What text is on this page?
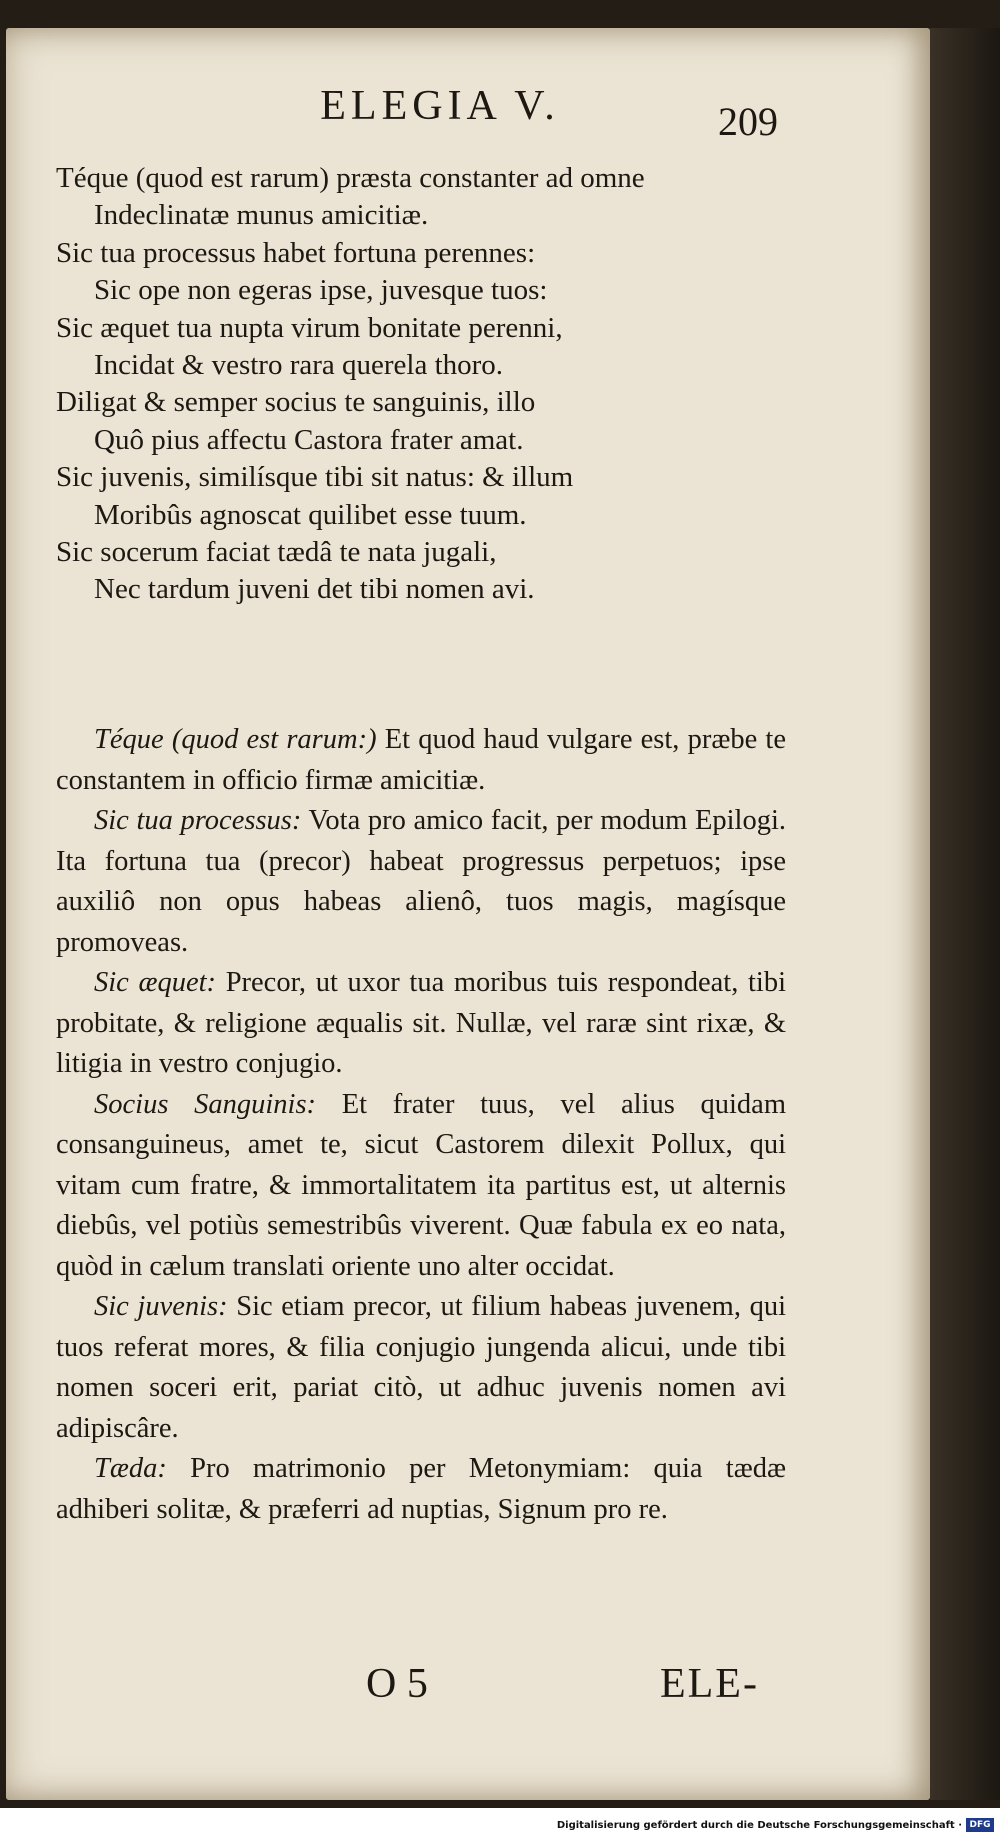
ELEGIA V.	209
Téque (quod est rarum) præsta constanter ad omne
Indeclinatæ munus amicitiæ.
Sic tua processus habet fortuna perennes:
Sic ope non egeras ipse, juvesque tuos:
Sic æquet tua nupta virum bonitate perenni,
Incidat & vestro rara querela thoro.
Diligat & semper socius te sanguinis, illo
Quô pius affectu Castora frater amat.
Sic juvenis, similísque tibi sit natus: & illum
Moribûs agnoscat quilibet esse tuum.
Sic socerum faciat tædâ te nata jugali,
Nec tardum juveni det tibi nomen avi.

Téque (quod est rarum:) Et quod haud vulgare est, præbe te constantem in officio firmæ amicitiæ.

Sic tua processus: Vota pro amico facit, per modum Epilogi. Ita fortuna tua (precor) habeat progressus perpetuos; ipse auxiliô non opus habeas alienô, tuos magis, magísque promoveas.

Sic æquet: Precor, ut uxor tua moribus tuis respondeat, tibi probitate, & religione æqualis sit. Nullæ, vel raræ sint rixæ, & litigia in vestro conjugio.

Socius Sanguinis: Et frater tuus, vel alius quidam consanguineus, amet te, sicut Castorem dilexit Pollux, qui vitam cum fratre, & immortalitatem ita partitus est, ut alternis diebûs, vel potiùs semestribûs viverent. Quæ fabula ex eo nata, quòd in cælum translati oriente uno alter occidat.

Sic juvenis: Sic etiam precor, ut filium habeas juvenem, qui tuos referat mores, & filia conjugio jungenda alicui, unde tibi nomen soceri erit, pariat citò, ut adhuc juvenis nomen avi adipiscâre.

Tæda: Pro matrimonio per Metonymiam: quia tædæ adhiberi solitæ, & præferri ad nuptias, Signum pro re.

O 5	ELE-
Digitalisierung gefördert durch die Deutsche Forschungsgemeinschaft · DFG
